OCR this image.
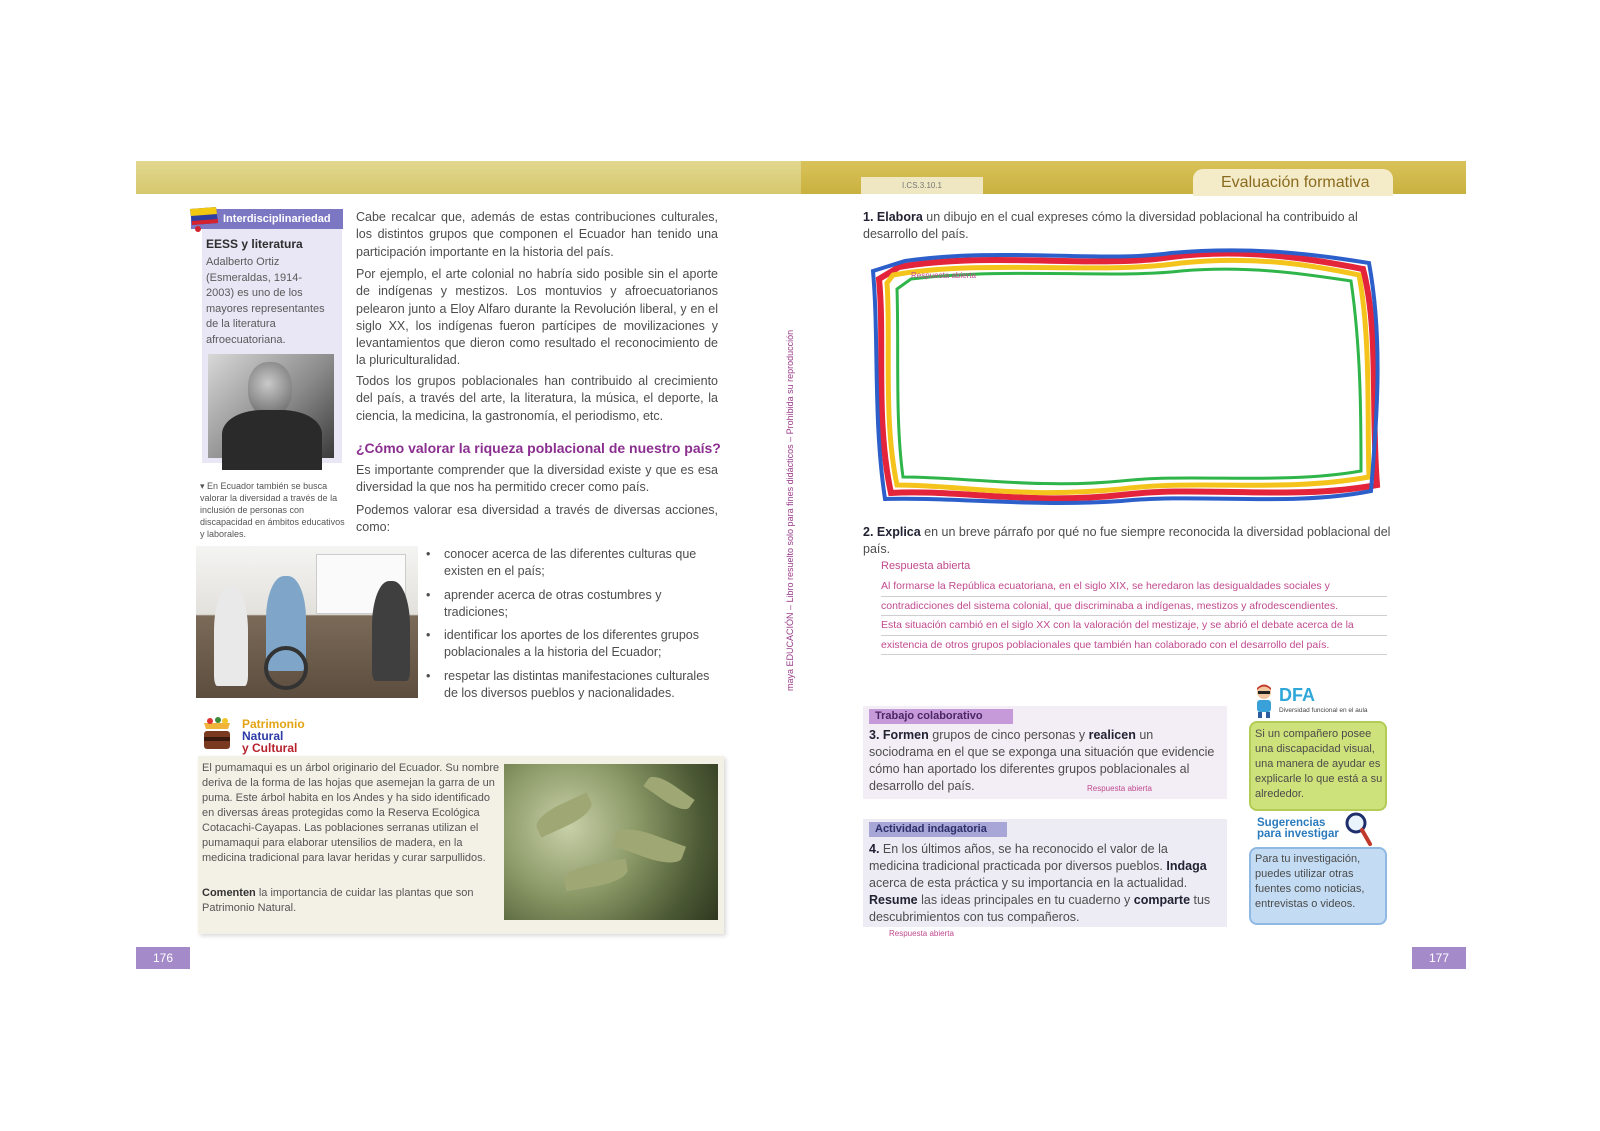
Interdisciplinariedad
EESS y literatura
Adalberto Ortiz (Esmeraldas, 1914-2003) es uno de los mayores representantes de la literatura afroecuatoriana.
▾ En Ecuador también se busca valorar la diversidad a través de la inclusión de personas con discapacidad en ámbitos educativos y laborales.

Cabe recalcar que, además de estas contribuciones culturales, los distintos grupos que componen el Ecuador han tenido una participación importante en la historia del país.

Por ejemplo, el arte colonial no habría sido posible sin el aporte de indígenas y mestizos. Los montuvios y afroecuatorianos pelearon junto a Eloy Alfaro durante la Revolución liberal, y en el siglo XX, los indígenas fueron partícipes de movilizaciones y levantamientos que dieron como resultado el reconocimiento de la pluriculturalidad.

Todos los grupos poblacionales han contribuido al crecimiento del país, a través del arte, la literatura, la música, el deporte, la ciencia, la medicina, la gastronomía, el periodismo, etc.

¿Cómo valorar la riqueza poblacional de nuestro país?

Es importante comprender que la diversidad existe y que es esa diversidad la que nos ha permitido crecer como país.

Podemos valorar esa diversidad a través de diversas acciones, como:

• conocer acerca de las diferentes culturas que existen en el país;
• aprender acerca de otras costumbres y tradiciones;
• identificar los aportes de los diferentes grupos poblacionales a la historia del Ecuador;
• respetar las distintas manifestaciones culturales de los diversos pueblos y nacionalidades.
Patrimonio
Natural
y Cultural

El pumamaqui es un árbol originario del Ecuador. Su nombre deriva de la forma de las hojas que asemejan la garra de un puma. Este árbol habita en los Andes y ha sido identificado en diversas áreas protegidas como la Reserva Ecológica Cotacachi-Cayapas. Las poblaciones serranas utilizan el pumamaqui para elaborar utensilios de madera, en la medicina tradicional para lavar heridas y curar sarpullidos.

Comenten la importancia de cuidar las plantas que son Patrimonio Natural.

176
I.CS.3.10.1	Evaluación formativa
maya EDUCACIÓN – Libro resuelto solo para fines didácticos – Prohibida su reproducción

1. Elabora un dibujo en el cual expreses cómo la diversidad poblacional ha contribuido al desarrollo del país.

Respuesta abierta

2. Explica en un breve párrafo por qué no fue siempre reconocida la diversidad poblacional del país.

Respuesta abierta
Al formarse la República ecuatoriana, en el siglo XIX, se heredaron las desigualdades sociales y
contradicciones del sistema colonial, que discriminaba a indígenas, mestizos y afrodescendientes.
Esta situación cambió en el siglo XX con la valoración del mestizaje, y se abrió el debate acerca de la
existencia de otros grupos poblacionales que también han colaborado con el desarrollo del país.
Trabajo colaborativo

3. Formen grupos de cinco personas y realicen un sociodrama en el que se exponga una situación que evidencie cómo han aportado los diferentes grupos poblacionales al desarrollo del país.	Respuesta abierta
Actividad indagatoria

4. En los últimos años, se ha reconocido el valor de la medicina tradicional practicada por diversos pueblos. Indaga acerca de esta práctica y su importancia en la actualidad. Resume las ideas principales en tu cuaderno y comparte tus descubrimientos con tus compañeros.

Respuesta abierta
DFA
Diversidad funcional en el aula

Si un compañero posee una discapacidad visual, una manera de ayudar es explicarle lo que está a su alrededor.

Sugerencias
para investigar

Para tu investigación, puedes utilizar otras fuentes como noticias, entrevistas o videos.

177
